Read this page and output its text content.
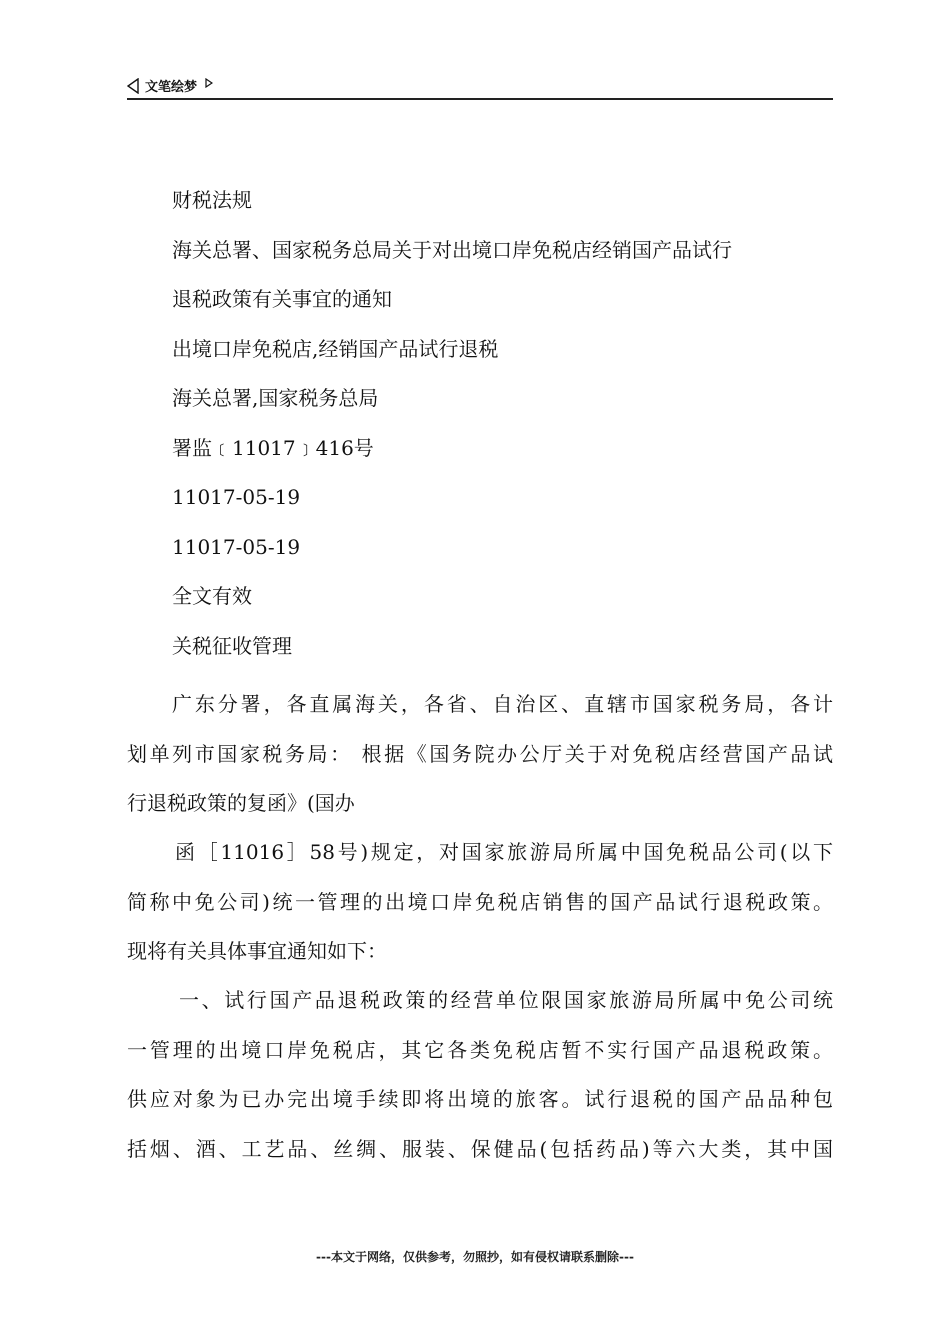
文笔绘梦
财税法规
海关总署、国家税务总局关于对出境口岸免税店经销国产品试行
退税政策有关事宜的通知
出境口岸免税店,经销国产品试行退税
海关总署,国家税务总局
署监﹝11017﹞416号
11017-05-19
11017-05-19
全文有效
关税征收管理
广东分署，各直属海关，各省、自治区、直辖市国家税务局，各计
划单列市国家税务局： 根据《国务院办公厅关于对免税店经营国产品试
行退税政策的复函》(国办
函［11016］58号)规定，对国家旅游局所属中国免税品公司(以下
简称中免公司)统一管理的出境口岸免税店销售的国产品试行退税政策。
现将有关具体事宜通知如下：
一、试行国产品退税政策的经营单位限国家旅游局所属中免公司统
一管理的出境口岸免税店，其它各类免税店暂不实行国产品退税政策。
供应对象为已办完出境手续即将出境的旅客。试行退税的国产品品种包
括烟、酒、工艺品、丝绸、服装、保健品(包括药品)等六大类，其中国
---本文于网络，仅供参考，勿照抄，如有侵权请联系删除---
